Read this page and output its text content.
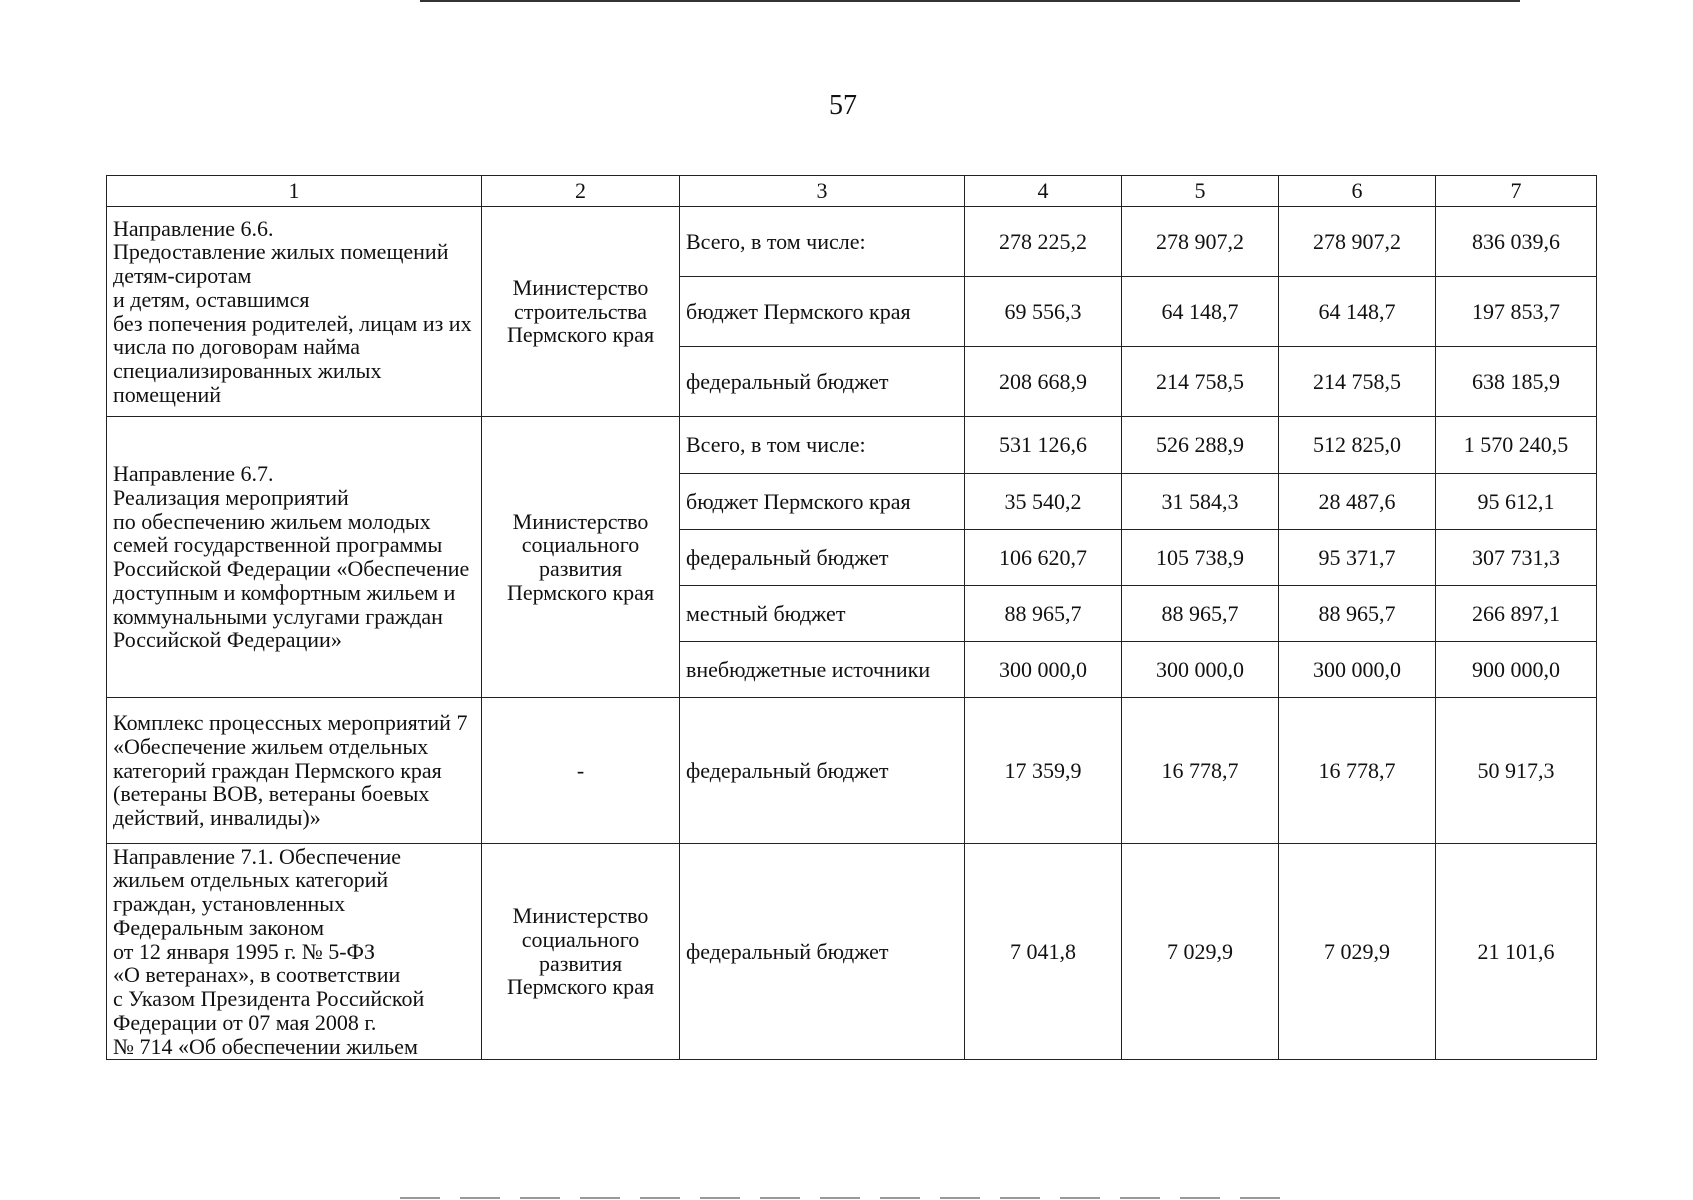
57
1	2	3	4	5	6	7
Направление 6.6.
Предоставление жилых помещений детям-сиротам
и детям, оставшимся
без попечения родителей, лицам из их числа по договорам найма специализированных жилых помещений	Министерство строительства Пермского края	Всего, в том числе:	278 225,2	278 907,2	278 907,2	836 039,6
		бюджет Пермского края	69 556,3	64 148,7	64 148,7	197 853,7
		федеральный бюджет	208 668,9	214 758,5	214 758,5	638 185,9
Направление 6.7.
Реализация мероприятий
по обеспечению жильем молодых семей государственной программы Российской Федерации «Обеспечение доступным и комфортным жильем и коммунальными услугами граждан Российской Федерации»	Министерство социального развития Пермского края	Всего, в том числе:	531 126,6	526 288,9	512 825,0	1 570 240,5
		бюджет Пермского края	35 540,2	31 584,3	28 487,6	95 612,1
		федеральный бюджет	106 620,7	105 738,9	95 371,7	307 731,3
		местный бюджет	88 965,7	88 965,7	88 965,7	266 897,1
		внебюджетные источники	300 000,0	300 000,0	300 000,0	900 000,0
Комплекс процессных мероприятий 7
«Обеспечение жильем отдельных категорий граждан Пермского края (ветераны ВОВ, ветераны боевых действий, инвалиды)»	-	федеральный бюджет	17 359,9	16 778,7	16 778,7	50 917,3
Направление 7.1. Обеспечение жильем отдельных категорий граждан, установленных Федеральным законом
от 12 января 1995 г. № 5-ФЗ
«О ветеранах», в соответствии
с Указом Президента Российской Федерации от 07 мая 2008 г.
№ 714 «Об обеспечении жильем	Министерство социального развития Пермского края	федеральный бюджет	7 041,8	7 029,9	7 029,9	21 101,6
